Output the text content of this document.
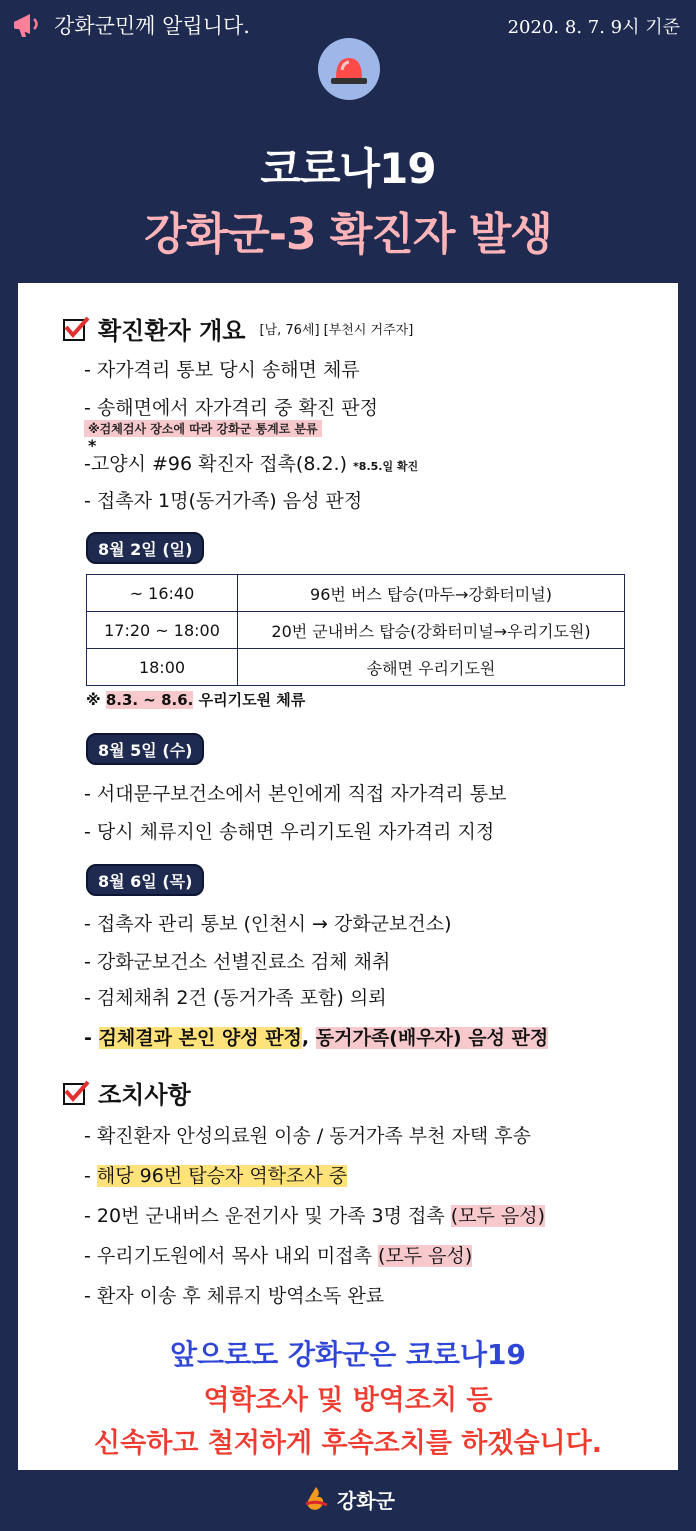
강화군민께 알립니다.	2020. 8. 7. 9시 기준
코로나19
강화군-3 확진자 발생
확진환자 개요 [남, 76세] [부천시 거주자]
- 자가격리 통보 당시 송해면 체류
- 송해면에서 자가격리 중 확진 판정
※검체검사 장소에 따라 강화군 통계로 분류
*
-고양시 #96 확진자 접촉(8.2.) *8.5.일 확진
- 접촉자 1명(동거가족) 음성 판정
8월 2일 (일)
~ 16:40	96번 버스 탑승(마두→강화터미널)
17:20 ~ 18:00	20번 군내버스 탑승(강화터미널→우리기도원)
18:00	송해면 우리기도원
※ 8.3. ~ 8.6. 우리기도원 체류
8월 5일 (수)
- 서대문구보건소에서 본인에게 직접 자가격리 통보
- 당시 체류지인 송해면 우리기도원 자가격리 지정
8월 6일 (목)
- 접촉자 관리 통보 (인천시 → 강화군보건소)
- 강화군보건소 선별진료소 검체 채취
- 검체채취 2건 (동거가족 포함) 의뢰
- 검체결과 본인 양성 판정, 동거가족(배우자) 음성 판정
조치사항
- 확진환자 안성의료원 이송 / 동거가족 부천 자택 후송
- 해당 96번 탑승자 역학조사 중
- 20번 군내버스 운전기사 및 가족 3명 접촉 (모두 음성)
- 우리기도원에서 목사 내외 미접촉 (모두 음성)
- 환자 이송 후 체류지 방역소독 완료
앞으로도 강화군은 코로나19
역학조사 및 방역조치 등
신속하고 철저하게 후속조치를 하겠습니다.
강화군
